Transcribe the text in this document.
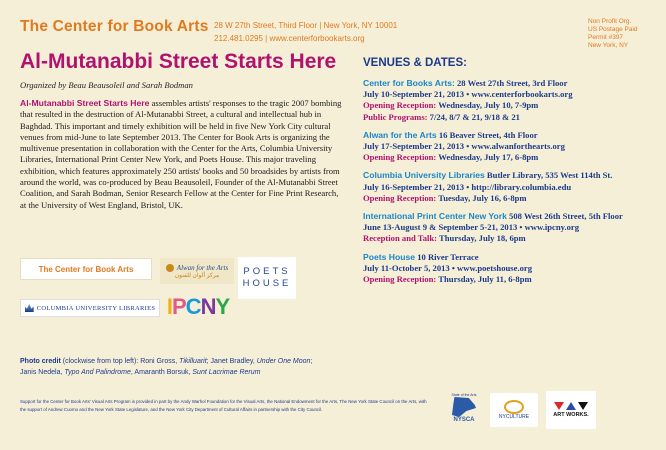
The Center for Book Arts 28 W 27th Street, Third Floor | New York, NY 10001
212.481.0295 | www.centerforbookarts.org
Non Profit Org.
US Postage Paid
Permit #397
New York, NY
Al-Mutanabbi Street Starts Here
Organized by Beau Beausoleil and Sarah Bodman
Al-Mutanabbi Street Starts Here assembles artists' responses to the tragic 2007 bombing that resulted in the destruction of Al-Mutanabbi Street, a cultural and intellectual hub in Baghdad. This important and timely exhibition will be held in five New York City cultural venues from mid-June to late September 2013. The Center for Book Arts is organizing the multivenue presentation in collaboration with the Center for the Arts, Columbia University Libraries, International Print Center New York, and Poets House. This major traveling exhibition, which features approximately 250 artists' books and 50 broadsides by artists from around the world, was co-produced by Beau Beausoleil, Founder of the Al-Mutanabbi Street Coalition, and Sarah Bodman, Senior Research Fellow at the Center for Fine Print Research, at the University of West England, Bristol, UK.
The Center for Book Arts	Alwan for the Arts
مركز ألوان للفنون	POETS
HOUSE
COLUMBIA UNIVERSITY LIBRARIES I P C N Y
VENUES & DATES:
Center for Books Arts: 28 West 27th Street, 3rd Floor
July 10-September 21, 2013 • www.centerforbookarts.org
Opening Reception: Wednesday, July 10, 7-9pm
Public Programs: 7/24, 8/7 & 21, 9/18 & 21
Alwan for the Arts 16 Beaver Street, 4th Floor
July 17-September 21, 2013 • www.alwanforthearts.org
Opening Reception: Wednesday, July 17, 6-8pm
Columbia University Libraries Butler Library, 535 West 114th St.
July 16-September 21, 2013 • http://library.columbia.edu
Opening Reception: Tuesday, July 16, 6-8pm
International Print Center New York 508 West 26th Street, 5th Floor
June 13-August 9 & September 5-21, 2013 • www.ipcny.org
Reception and Talk: Thursday, July 18, 6pm
Poets House 10 River Terrace
July 11-October 5, 2013 • www.poetshouse.org
Opening Reception: Thursday, July 11, 6-8pm
Photo credit (clockwise from top left): Roni Gross, Tikilluarit; Janet Bradley, Under One Moon;
Janis Nedela, Typo And Palindrome, Amaranth Borsuk, Sunt Lacrimae Rerum
Support for the Center for Book Arts' Visual Arts Program is provided in part by the Andy Warhol Foundation for the Visual Arts, the National Endowment for the Arts, The New York State Council on the Arts, with the support of Andrew Cuomo and the New York State Legislature, and the New York City Department of Cultural Affairs in partnership with the City Council.
State of the Arts
NYSCA	NYCULTURE	ART WORKS.
